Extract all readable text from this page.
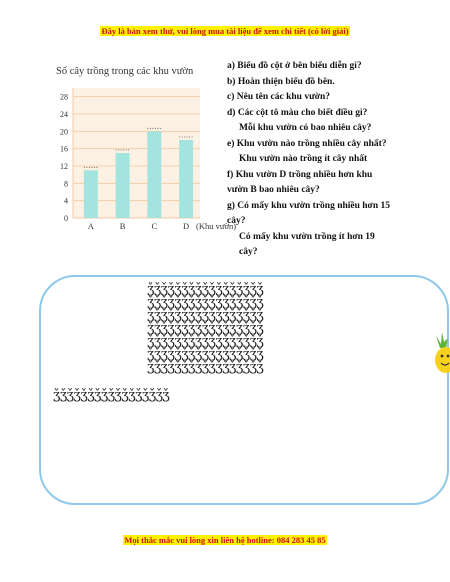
Đây là bản xem thử, vui lòng mua tài liệu để xem chi tiết (có lời giải)
Số cây trồng trong các khu vườn
0
4
8
12
16
20
24
28
A	B	C	D (Khu vườn)

a) Biểu đồ cột ở bên biểu diễn gì?

b) Hoàn thiện biểu đồ bên.

c) Nêu tên các khu vườn?

d) Các cột tô màu cho biết điều gì?

Mỗi khu vườn có bao nhiêu cây?

e) Khu vườn nào trồng nhiều cây nhất?

Khu vườn nào trồng ít cây nhất

f) Khu vườn D trồng nhiều hơn khu vườn B bao nhiêu cây?

g) Có mấy khu vườn trồng nhiều hơn 15 cây?

Có mấy khu vườn trồng ít hơn 19 cây?

ǯǯǯǯǯǯǯǯǯǯǯǯǯǯǯǯǯ
ǯǯǯǯǯǯǯǯǯǯǯǯǯǯǯǯǯ
ǯǯǯǯǯǯǯǯǯǯǯǯǯǯǯǯǯ
ǯǯǯǯǯǯǯǯǯǯǯǯǯǯǯǯǯ
ǯǯǯǯǯǯǯǯǯǯǯǯǯǯǯǯǯ
ǯǯǯǯǯǯǯǯǯǯǯǯǯǯǯǯǯ
ǯǯǯǯǯǯǯǯǯǯǯǯǯǯǯǯǯ
ǯǯǯǯǯǯǯǯǯǯǯǯǯǯǯǯǯ
Mọi thắc mắc vui lòng xin liên hệ hotline: 084 283 45 85
